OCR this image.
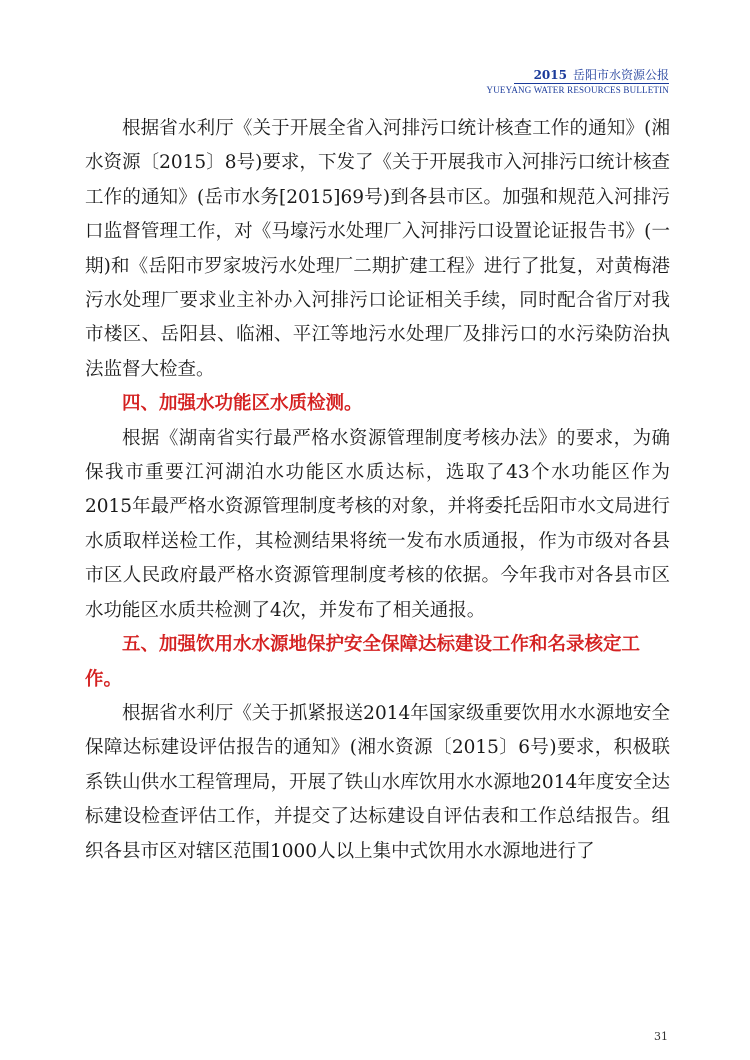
2015 岳阳市水资源公报
YUEYANG WATER RESOURCES BULLETIN

根据省水利厅《关于开展全省入河排污口统计核查工作的通知》(湘水资源〔2015〕8号)要求，下发了《关于开展我市入河排污口统计核查工作的通知》(岳市水务[2015]69号)到各县市区。加强和规范入河排污口监督管理工作，对《马壕污水处理厂入河排污口设置论证报告书》(一期)和《岳阳市罗家坡污水处理厂二期扩建工程》进行了批复，对黄梅港污水处理厂要求业主补办入河排污口论证相关手续，同时配合省厅对我市楼区、岳阳县、临湘、平江等地污水处理厂及排污口的水污染防治执法监督大检查。

四、加强水功能区水质检测。

根据《湖南省实行最严格水资源管理制度考核办法》的要求，为确保我市重要江河湖泊水功能区水质达标，选取了43个水功能区作为2015年最严格水资源管理制度考核的对象，并将委托岳阳市水文局进行水质取样送检工作，其检测结果将统一发布水质通报，作为市级对各县市区人民政府最严格水资源管理制度考核的依据。今年我市对各县市区水功能区水质共检测了4次，并发布了相关通报。

五、加强饮用水水源地保护安全保障达标建设工作和名录核定工作。

根据省水利厅《关于抓紧报送2014年国家级重要饮用水水源地安全保障达标建设评估报告的通知》(湘水资源〔2015〕6号)要求，积极联系铁山供水工程管理局，开展了铁山水库饮用水水源地2014年度安全达标建设检查评估工作，并提交了达标建设自评估表和工作总结报告。组织各县市区对辖区范围1000人以上集中式饮用水水源地进行了

31
